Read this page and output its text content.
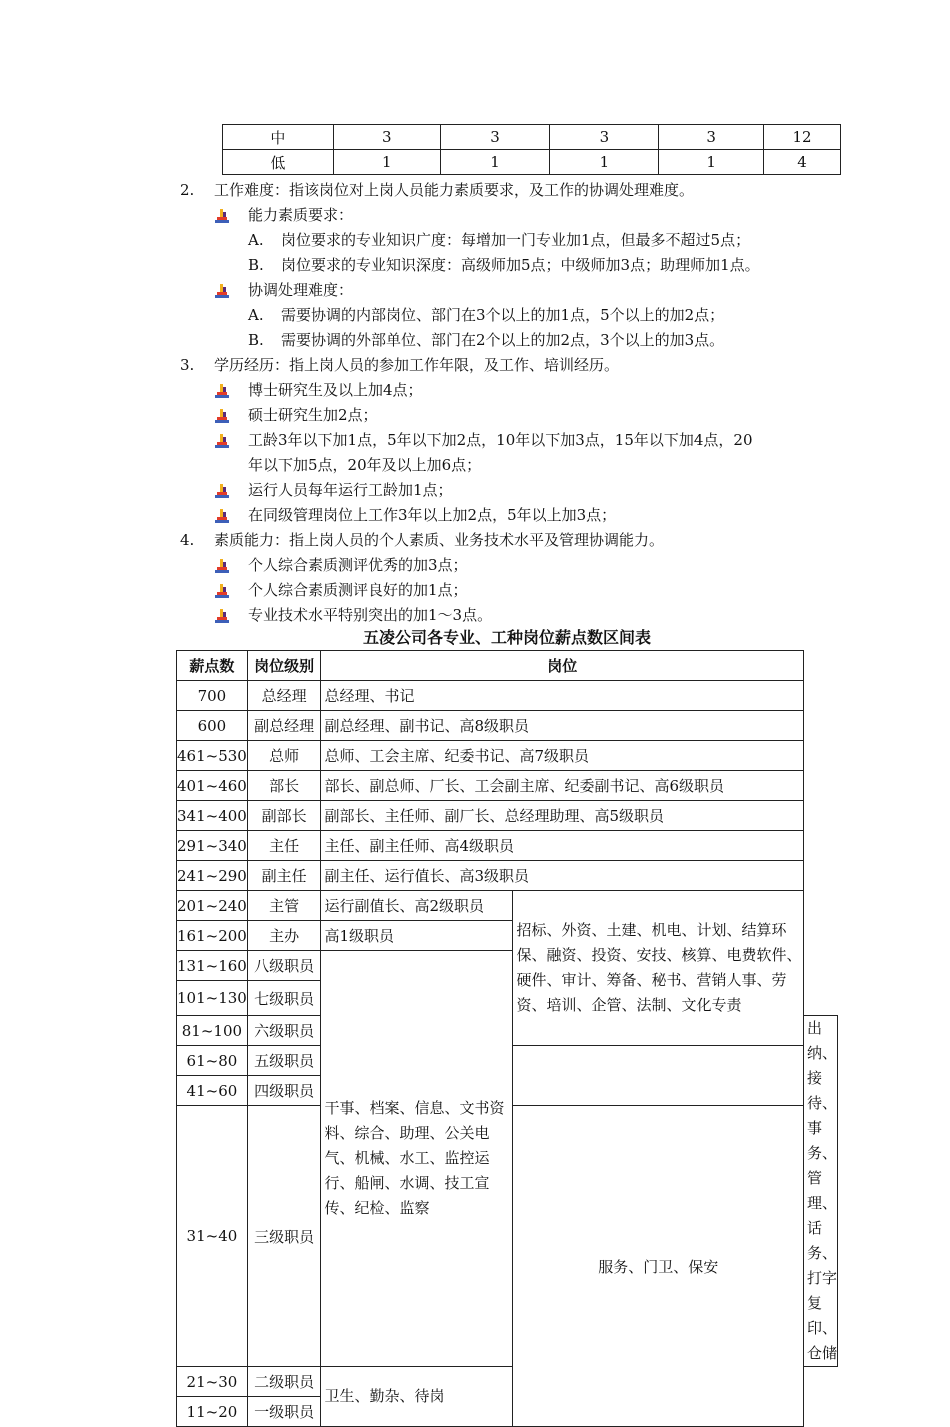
中	3	3	3	3	12
低	1	1	1	1	4
2. 工作难度：指该岗位对上岗人员能力素质要求，及工作的协调处理难度。
能力素质要求：
A. 岗位要求的专业知识广度：每增加一门专业加1点，但最多不超过5点；
B. 岗位要求的专业知识深度：高级师加5点；中级师加3点；助理师加1点。
协调处理难度：
A. 需要协调的内部岗位、部门在3个以上的加1点，5个以上的加2点；
B. 需要协调的外部单位、部门在2个以上的加2点，3个以上的加3点。
3. 学历经历：指上岗人员的参加工作年限，及工作、培训经历。
博士研究生及以上加4点；
硕士研究生加2点；
工龄3年以下加1点，5年以下加2点，10年以下加3点，15年以下加4点，20
年以下加5点，20年及以上加6点；
运行人员每年运行工龄加1点；
在同级管理岗位上工作3年以上加2点，5年以上加3点；
4. 素质能力：指上岗人员的个人素质、业务技术水平及管理协调能力。
个人综合素质测评优秀的加3点；
个人综合素质测评良好的加1点；
专业技术水平特别突出的加1～3点。
五凌公司各专业、工种岗位薪点数区间表
薪点数	岗位级别	岗位		
700	总经理	总经理、书记		
600	副总经理	副总经理、副书记、高8级职员		
461~530	总师	总师、工会主席、纪委书记、高7级职员		
401~460	部长	部长、副总师、厂长、工会副主席、纪委副书记、高6级职员		
341~400	副部长	副部长、主任师、副厂长、总经理助理、高5级职员		
291~340	主任	主任、副主任师、高4级职员		
241~290	副主任	副主任、运行值长、高3级职员		
201~240	主管	运行副值长、高2级职员	招标、外资、土建、机电、计划、结算环保、融资、投资、安技、核算、电费软件、硬件、审计、筹备、秘书、营销人事、劳资、培训、企管、法制、文化专责	
161~200	主办	高1级职员		
131~160	八级职员	干事、档案、信息、文书资料、综合、助理、公关电气、机械、水工、监控运行、船闸、水调、技工宣传、纪检、监察		
101~130	七级职员			
81~100	六级职员			出纳、接待、事务、管理、话务、打字复印、仓储
61~80	五级职员			
41~60	四级职员			
31~40	三级职员		服务、门卫、保安	
21~30	二级职员	卫生、勤杂、待岗		
11~20	一级职员			
